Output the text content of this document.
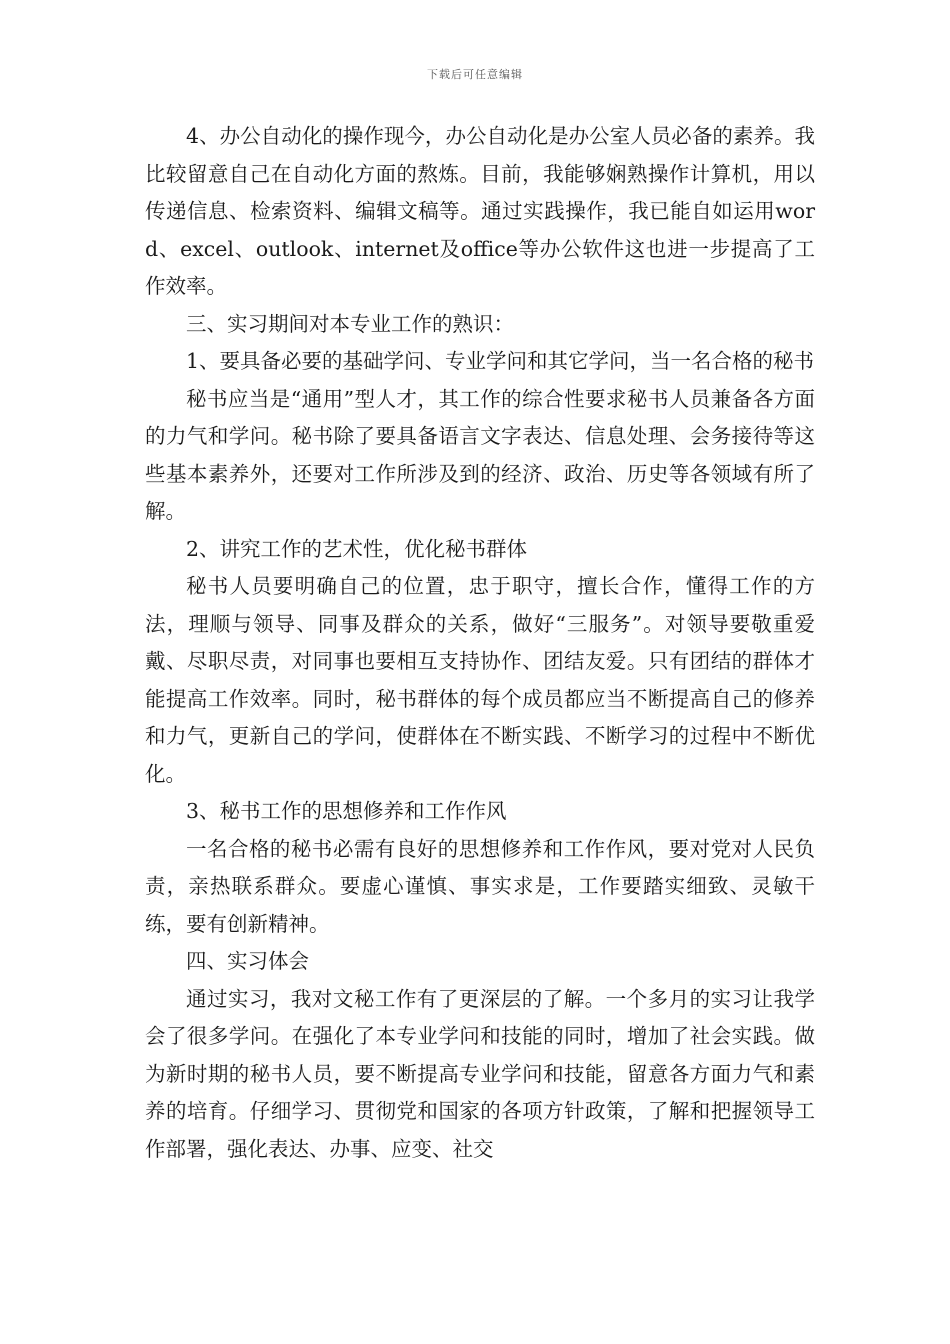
下载后可任意编辑

4、办公自动化的操作现今，办公自动化是办公室人员必备的素养。我比较留意自己在自动化方面的熬炼。目前，我能够娴熟操作计算机，用以传递信息、检索资料、编辑文稿等。通过实践操作，我已能自如运用word、excel、outlook、internet及office等办公软件这也进一步提高了工作效率。

三、实习期间对本专业工作的熟识：

1、要具备必要的基础学问、专业学问和其它学问，当一名合格的秘书

秘书应当是“通用”型人才，其工作的综合性要求秘书人员兼备各方面的力气和学问。秘书除了要具备语言文字表达、信息处理、会务接待等这些基本素养外，还要对工作所涉及到的经济、政治、历史等各领域有所了解。

2、讲究工作的艺术性，优化秘书群体

秘书人员要明确自己的位置，忠于职守，擅长合作，懂得工作的方法，理顺与领导、同事及群众的关系，做好“三服务”。对领导要敬重爱戴、尽职尽责，对同事也要相互支持协作、团结友爱。只有团结的群体才能提高工作效率。同时，秘书群体的每个成员都应当不断提高自己的修养和力气，更新自己的学问，使群体在不断实践、不断学习的过程中不断优化。

3、秘书工作的思想修养和工作作风

一名合格的秘书必需有良好的思想修养和工作作风，要对党对人民负责，亲热联系群众。要虚心谨慎、事实求是，工作要踏实细致、灵敏干练，要有创新精神。

四、实习体会

通过实习，我对文秘工作有了更深层的了解。一个多月的实习让我学会了很多学问。在强化了本专业学问和技能的同时，增加了社会实践。做为新时期的秘书人员，要不断提高专业学问和技能，留意各方面力气和素养的培育。仔细学习、贯彻党和国家的各项方针政策，了解和把握领导工作部署，强化表达、办事、应变、社交
